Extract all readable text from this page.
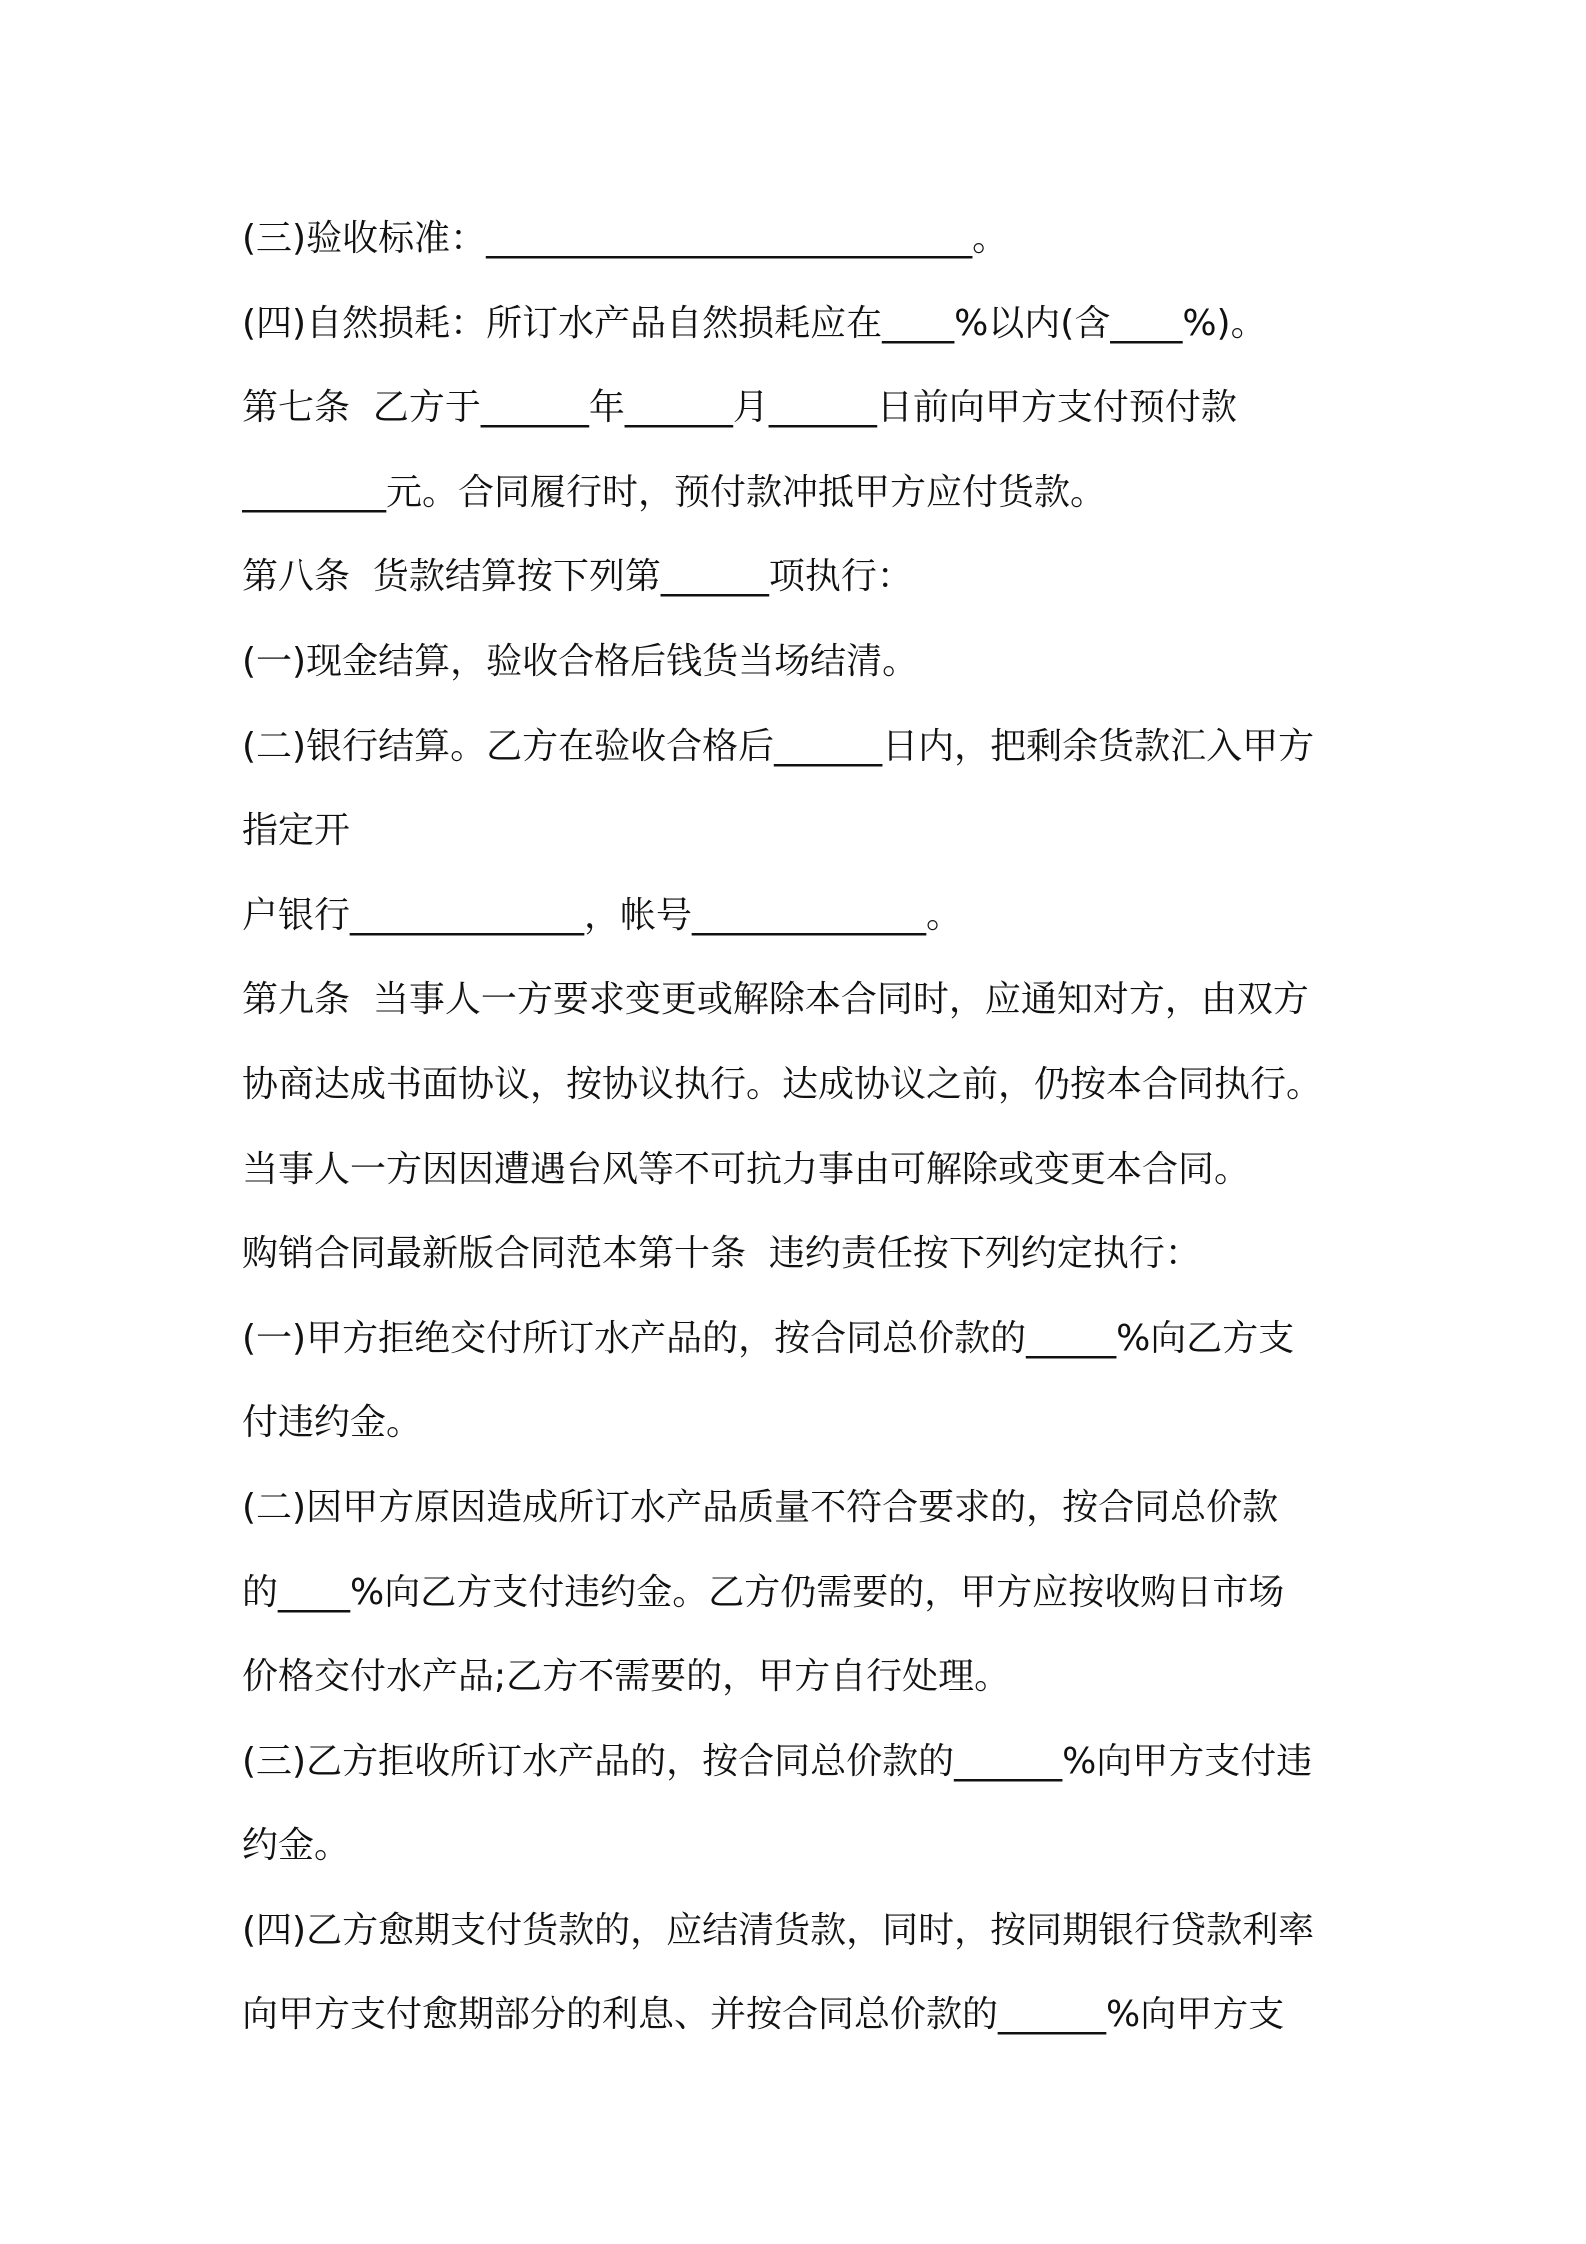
(三)验收标准：___________________________。
(四)自然损耗：所订水产品自然损耗应在____%以内(含____%)。
第七条  乙方于______年______月______日前向甲方支付预付款
________元。合同履行时，预付款冲抵甲方应付货款。
第八条  货款结算按下列第______项执行：
(一)现金结算，验收合格后钱货当场结清。
(二)银行结算。乙方在验收合格后______日内，把剩余货款汇入甲方
指定开
户银行_____________，帐号_____________。
第九条  当事人一方要求变更或解除本合同时，应通知对方，由双方
协商达成书面协议，按协议执行。达成协议之前，仍按本合同执行。
当事人一方因因遭遇台风等不可抗力事由可解除或变更本合同。
购销合同最新版合同范本第十条  违约责任按下列约定执行：
(一)甲方拒绝交付所订水产品的，按合同总价款的_____%向乙方支
付违约金。
(二)因甲方原因造成所订水产品质量不符合要求的，按合同总价款
的____%向乙方支付违约金。乙方仍需要的，甲方应按收购日市场
价格交付水产品;乙方不需要的，甲方自行处理。
(三)乙方拒收所订水产品的，按合同总价款的______%向甲方支付违
约金。
(四)乙方愈期支付货款的，应结清货款，同时，按同期银行贷款利率
向甲方支付愈期部分的利息、并按合同总价款的______%向甲方支
